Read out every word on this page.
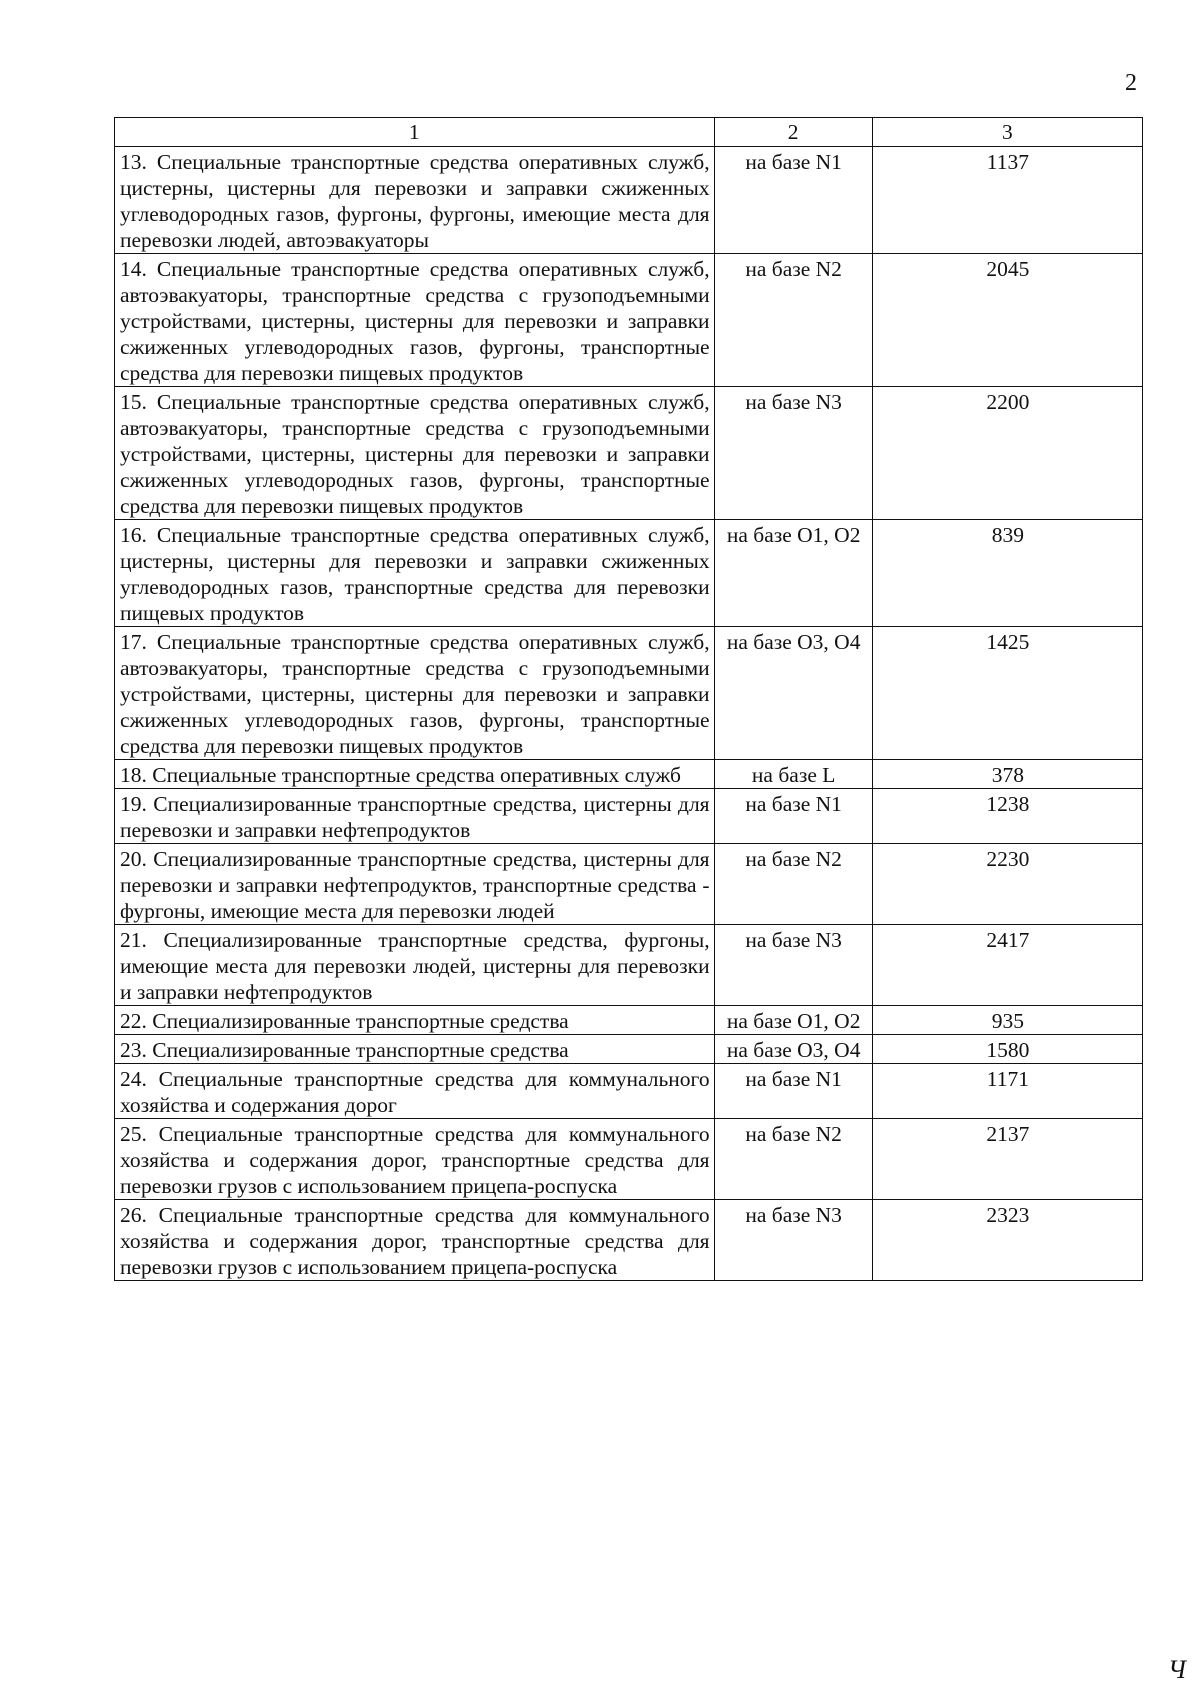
2
1	2	3
13. Специальные транспортные средства оперативных служб, цистерны, цистерны для перевозки и заправки сжиженных углеводородных газов, фургоны, фургоны, имеющие места для перевозки людей, автоэвакуаторы	на базе N1	1137
14. Специальные транспортные средства оперативных служб, автоэвакуаторы, транспортные средства с грузоподъемными устройствами, цистерны, цистерны для перевозки и заправки сжиженных углеводородных газов, фургоны, транспортные средства для перевозки пищевых продуктов	на базе N2	2045
15. Специальные транспортные средства оперативных служб, автоэвакуаторы, транспортные средства с грузоподъемными устройствами, цистерны, цистерны для перевозки и заправки сжиженных углеводородных газов, фургоны, транспортные средства для перевозки пищевых продуктов	на базе N3	2200
16. Специальные транспортные средства оперативных служб, цистерны, цистерны для перевозки и заправки сжиженных углеводородных газов, транспортные средства для перевозки пищевых продуктов	на базе O1, O2	839
17. Специальные транспортные средства оперативных служб, автоэвакуаторы, транспортные средства с грузоподъемными устройствами, цистерны, цистерны для перевозки и заправки сжиженных углеводородных газов, фургоны, транспортные средства для перевозки пищевых продуктов	на базе O3, O4	1425
18. Специальные транспортные средства оперативных служб	на базе L	378
19. Специализированные транспортные средства, цистерны для перевозки и заправки нефтепродуктов	на базе N1	1238
20. Специализированные транспортные средства, цистерны для перевозки и заправки нефтепродуктов, транспортные средства - фургоны, имеющие места для перевозки людей	на базе N2	2230
21. Специализированные транспортные средства, фургоны, имеющие места для перевозки людей, цистерны для перевозки и заправки нефтепродуктов	на базе N3	2417
22. Специализированные транспортные средства	на базе O1, O2	935
23. Специализированные транспортные средства	на базе O3, O4	1580
24. Специальные транспортные средства для коммунального хозяйства и содержания дорог	на базе N1	1171
25. Специальные транспортные средства для коммунального хозяйства и содержания дорог, транспортные средства для перевозки грузов с использованием прицепа-роспуска	на базе N2	2137
26. Специальные транспортные средства для коммунального хозяйства и содержания дорог, транспортные средства для перевозки грузов с использованием прицепа-роспуска	на базе N3	2323
Ч
